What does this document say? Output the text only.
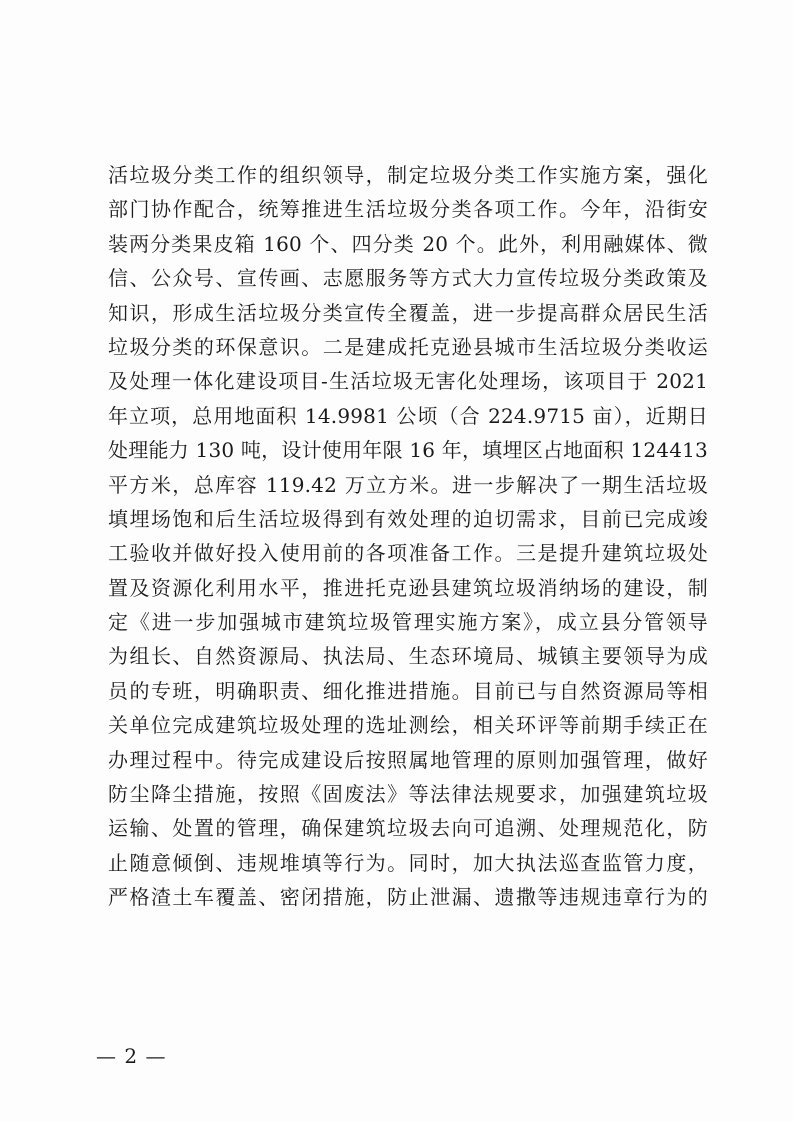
活垃圾分类工作的组织领导，制定垃圾分类工作实施方案，强化
部门协作配合，统筹推进生活垃圾分类各项工作。今年，沿街安
装两分类果皮箱 160 个、四分类 20 个。此外，利用融媒体、微
信、公众号、宣传画、志愿服务等方式大力宣传垃圾分类政策及
知识，形成生活垃圾分类宣传全覆盖，进一步提高群众居民生活
垃圾分类的环保意识。二是建成托克逊县城市生活垃圾分类收运
及处理一体化建设项目-生活垃圾无害化处理场，该项目于 2021
年立项，总用地面积 14.9981 公顷（合 224.9715 亩），近期日
处理能力 130 吨，设计使用年限 16 年，填埋区占地面积 124413
平方米，总库容 119.42 万立方米。进一步解决了一期生活垃圾
填埋场饱和后生活垃圾得到有效处理的迫切需求，目前已完成竣
工验收并做好投入使用前的各项准备工作。三是提升建筑垃圾处
置及资源化利用水平，推进托克逊县建筑垃圾消纳场的建设，制
定《进一步加强城市建筑垃圾管理实施方案》，成立县分管领导
为组长、自然资源局、执法局、生态环境局、城镇主要领导为成
员的专班，明确职责、细化推进措施。目前已与自然资源局等相
关单位完成建筑垃圾处理的选址测绘，相关环评等前期手续正在
办理过程中。待完成建设后按照属地管理的原则加强管理，做好
防尘降尘措施，按照《固废法》等法律法规要求，加强建筑垃圾
运输、处置的管理，确保建筑垃圾去向可追溯、处理规范化，防
止随意倾倒、违规堆填等行为。同时，加大执法巡查监管力度，
严格渣土车覆盖、密闭措施，防止泄漏、遗撒等违规违章行为的
— 2 —
